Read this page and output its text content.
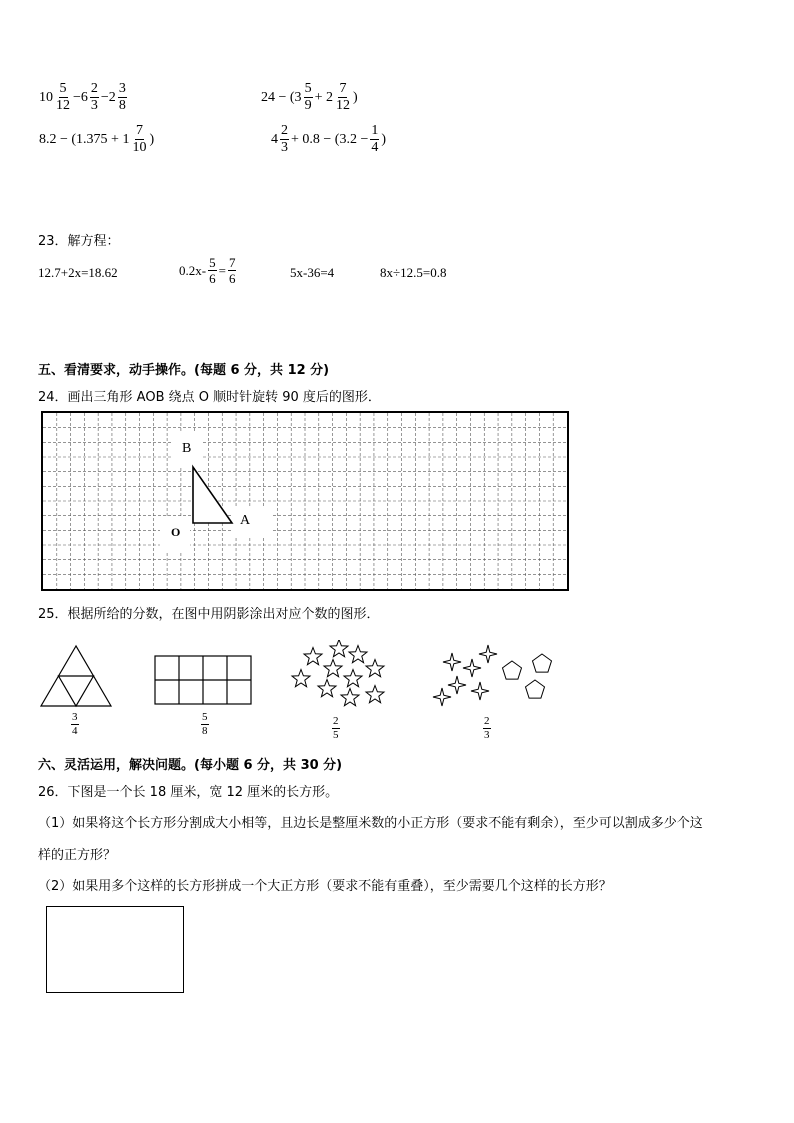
$10 \frac{5}{12} -6 \frac{2}{3} -2 \frac{3}{8}$	$24 - (3 \frac{5}{9} + 2 \frac{7}{12}$ )
$8.2 - (1.375 + 1 \frac{7}{10}$ )	$4 \frac{2}{3} + 0.8 - (3.2 - \frac{1}{4}$ )
23．解方程：
12.7+2x=18.62	$0.2x- \frac{5}{6} = \frac{7}{6}$	5x-36=4	8x÷12.5=0.8
五、看清要求，动手操作。(每题 6 分，共 12 分)
24．画出三角形 AOB 绕点 O 顺时针旋转 90 度后的图形．
B
A
O
25．根据所给的分数，在图中用阴影涂出对应个数的图形．
$\frac{3}{4}$	$\frac{5}{8}$	$\frac{2}{5}$	$\frac{2}{3}$
六、灵活运用，解决问题。(每小题 6 分，共 30 分)
26．下图是一个长 18 厘米，宽 12 厘米的长方形。
（1）如果将这个长方形分割成大小相等，且边长是整厘米数的小正方形（要求不能有剩余），至少可以割成多少个这
样的正方形？
（2）如果用多个这样的长方形拼成一个大正方形（要求不能有重叠），至少需要几个这样的长方形？
